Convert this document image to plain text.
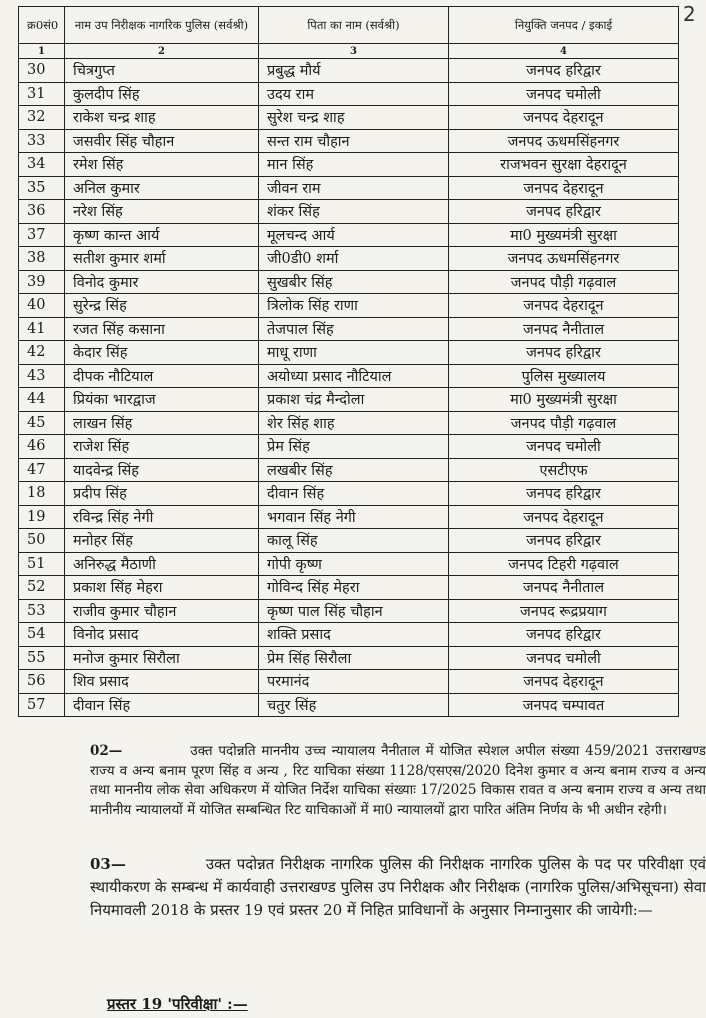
2
क्र0सं0	नाम उप निरीक्षक नागरिक पुलिस (सर्वश्री)	पिता का नाम (सर्वश्री)	नियुक्ति जनपद / इकाई
1	2	3	4
30	चित्रगुप्त	प्रबुद्ध मौर्य	जनपद हरिद्वार
31	कुलदीप सिंह	उदय राम	जनपद चमोली
32	राकेश चन्द्र शाह	सुरेश चन्द्र शाह	जनपद देहरादून
33	जसवीर सिंह चौहान	सन्त राम चौहान	जनपद ऊधमसिंहनगर
34	रमेश सिंह	मान सिंह	राजभवन सुरक्षा देहरादून
35	अनिल कुमार	जीवन राम	जनपद देहरादून
36	नरेश सिंह	शंकर सिंह	जनपद हरिद्वार
37	कृष्ण कान्त आर्य	मूलचन्द आर्य	मा0 मुख्यमंत्री सुरक्षा
38	सतीश कुमार शर्मा	जी0डी0 शर्मा	जनपद ऊधमसिंहनगर
39	विनोद कुमार	सुखबीर सिंह	जनपद पौड़ी गढ़वाल
40	सुरेन्द्र सिंह	त्रिलोक सिंह राणा	जनपद देहरादून
41	रजत सिंह कसाना	तेजपाल सिंह	जनपद नैनीताल
42	केदार सिंह	माधू राणा	जनपद हरिद्वार
43	दीपक नौटियाल	अयोध्या प्रसाद नौटियाल	पुलिस मुख्यालय
44	प्रियंका भारद्वाज	प्रकाश चंद्र मैन्दोला	मा0 मुख्यमंत्री सुरक्षा
45	लाखन सिंह	शेर सिंह शाह	जनपद पौड़ी गढ़वाल
46	राजेश सिंह	प्रेम सिंह	जनपद चमोली
47	यादवेन्द्र सिंह	लखबीर सिंह	एसटीएफ
18	प्रदीप सिंह	दीवान सिंह	जनपद हरिद्वार
19	रविन्द्र सिंह नेगी	भगवान सिंह नेगी	जनपद देहरादून
50	मनोहर सिंह	कालू सिंह	जनपद हरिद्वार
51	अनिरुद्ध मैठाणी	गोपी कृष्ण	जनपद टिहरी गढ़वाल
52	प्रकाश सिंह मेहरा	गोविन्द सिंह मेहरा	जनपद नैनीताल
53	राजीव कुमार चौहान	कृष्ण पाल सिंह चौहान	जनपद रूद्रप्रयाग
54	विनोद प्रसाद	शक्ति प्रसाद	जनपद हरिद्वार
55	मनोज कुमार सिरौला	प्रेम सिंह सिरौला	जनपद चमोली
56	शिव प्रसाद	परमानंद	जनपद देहरादून
57	दीवान सिंह	चतुर सिंह	जनपद चम्पावत
02—	उक्त पदोन्नति माननीय उच्च न्यायालय नैनीताल में योजित स्पेशल अपील संख्या 459/2021 उत्तराखण्ड राज्य व अन्य बनाम पूरण सिंह व अन्य , रिट याचिका संख्या 1128/एसएस/2020 दिनेश कुमार व अन्य बनाम राज्य व अन्य तथा माननीय लोक सेवा अधिकरण में योजित निर्देश याचिका संख्याः 17/2025 विकास रावत व अन्य बनाम राज्य व अन्य तथा मानीनीय न्यायालयों में योजित सम्बन्धित रिट याचिकाओं में मा0 न्यायालयों द्वारा पारित अंतिम निर्णय के भी अधीन रहेगी।
03—	उक्त पदोन्नत निरीक्षक नागरिक पुलिस की निरीक्षक नागरिक पुलिस के पद पर परिवीक्षा एवं स्थायीकरण के सम्बन्ध में कार्यवाही उत्तराखण्ड पुलिस उप निरीक्षक और निरीक्षक (नागरिक पुलिस/अभिसूचना) सेवा नियमावली 2018 के प्रस्तर 19 एवं प्रस्तर 20 में निहित प्राविधानों के अनुसार निम्नानुसार की जायेगी:—
प्रस्तर 19 'परिवीक्षा' :—
